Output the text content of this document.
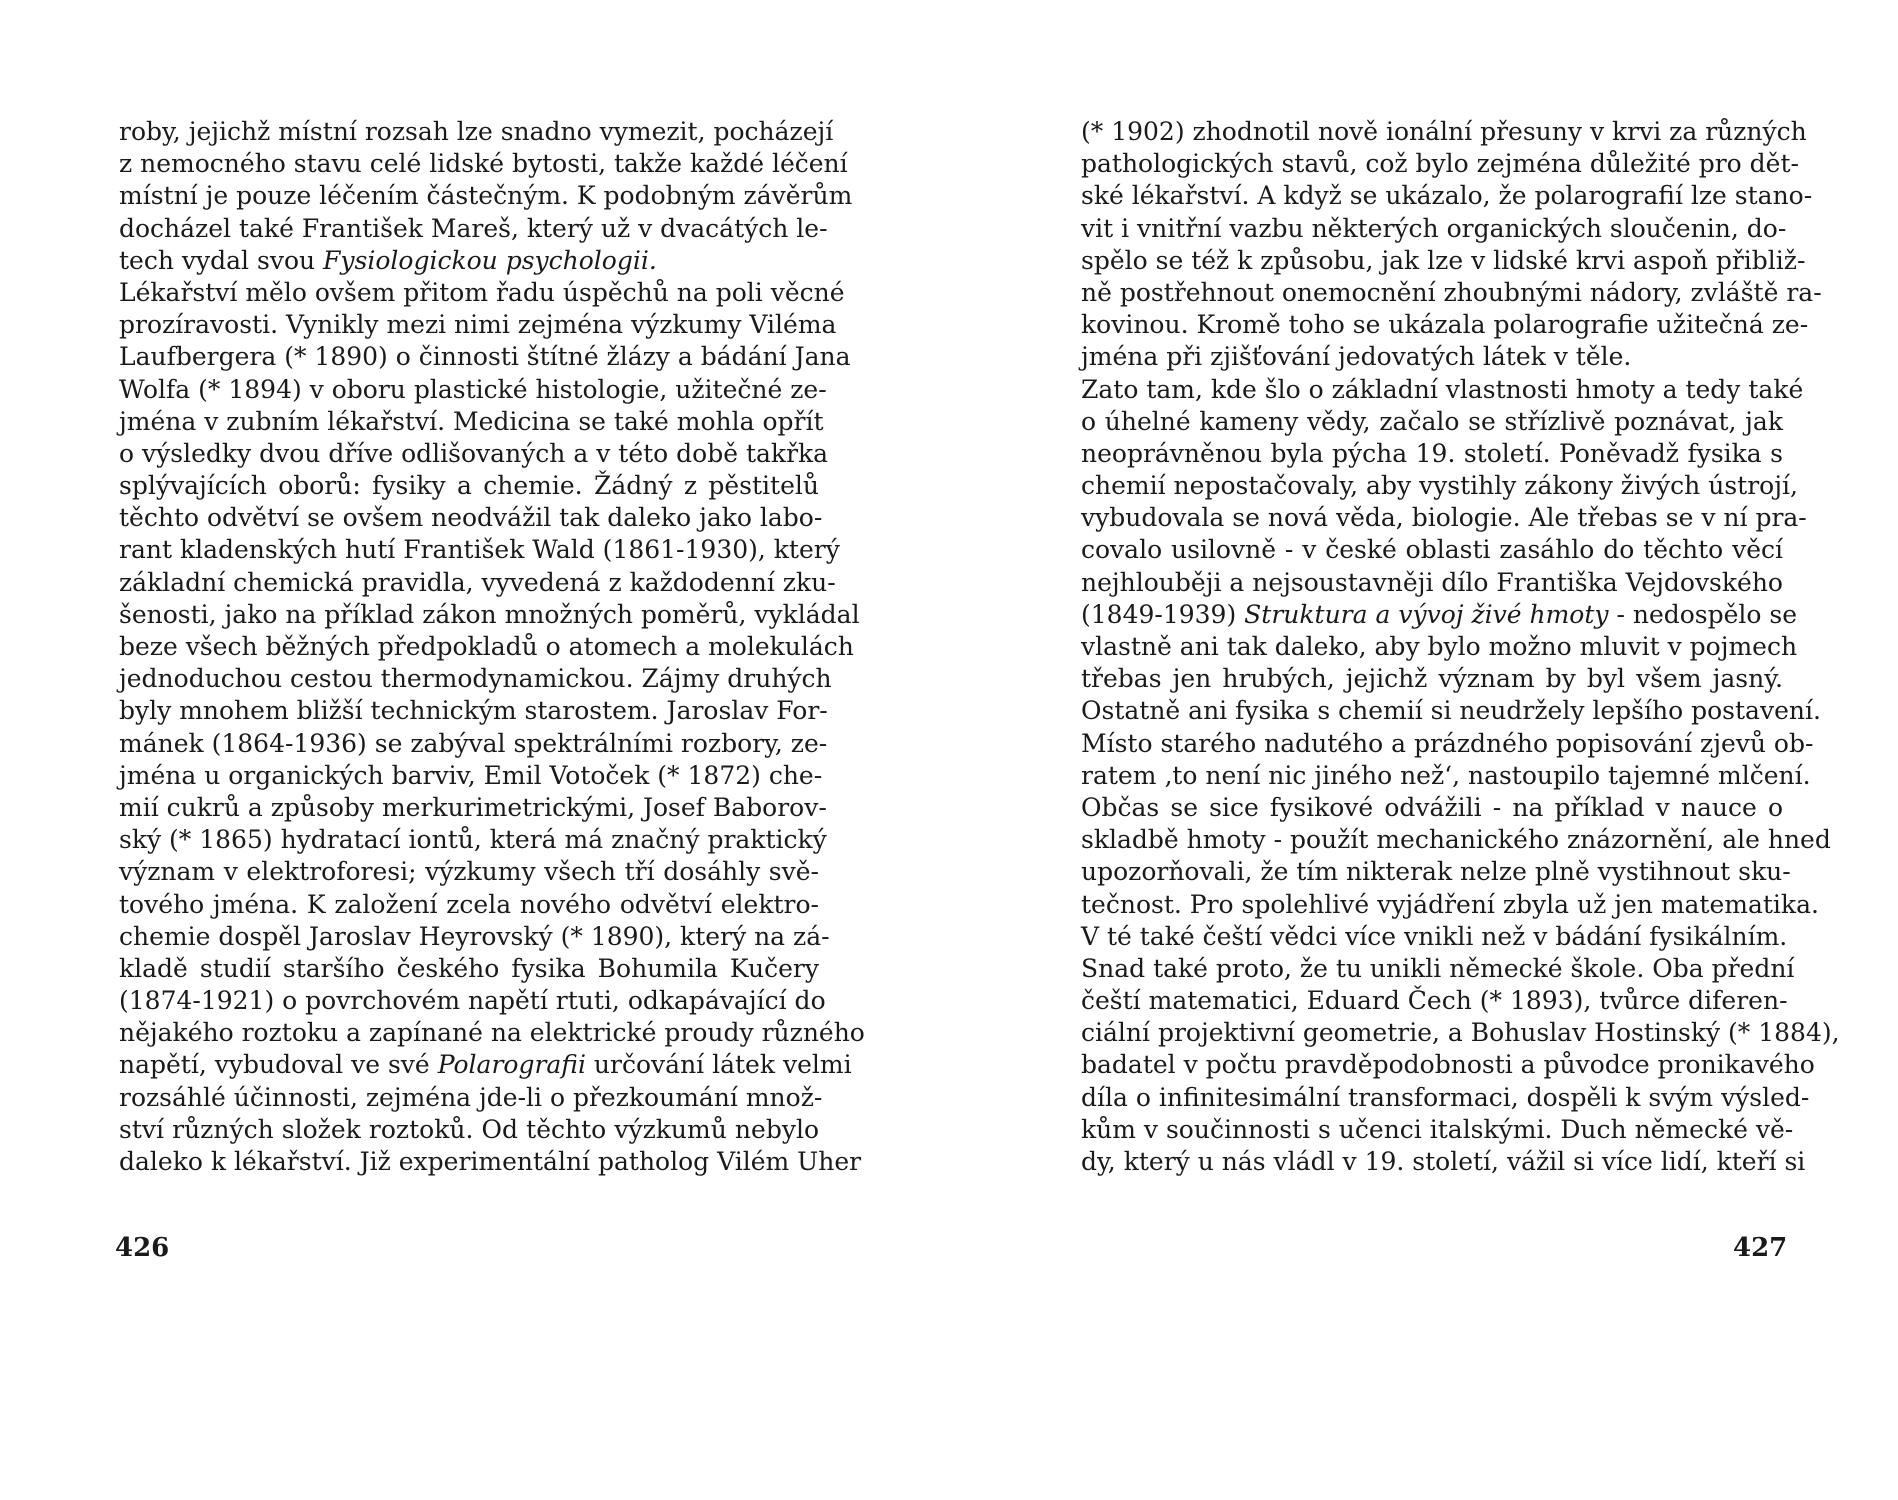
roby, jejichž místní rozsah lze snadno vymezit, pocházejí
z nemocného stavu celé lidské bytosti, takže každé léčení
místní je pouze léčením částečným. K podobným závěrům
docházel také František Mareš, který už v dvacátých le-
tech vydal svou Fysiologickou psychologii.
Lékařství mělo ovšem přitom řadu úspěchů na poli věcné
prozíravosti. Vynikly mezi nimi zejména výzkumy Viléma
Laufbergera (* 1890) o činnosti štítné žlázy a bádání Jana
Wolfa (* 1894) v oboru plastické histologie, užitečné ze-
jména v zubním lékařství. Medicina se také mohla opřít
o výsledky dvou dříve odlišovaných a v této době takřka
splývajících oborů: fysiky a chemie. Žádný z pěstitelů
těchto odvětví se ovšem neodvážil tak daleko jako labo-
rant kladenských hutí František Wald (1861-1930), který
základní chemická pravidla, vyvedená z každodenní zku-
šenosti, jako na příklad zákon množných poměrů, vykládal
beze všech běžných předpokladů o atomech a molekulách
jednoduchou cestou thermodynamickou. Zájmy druhých
byly mnohem bližší technickým starostem. Jaroslav For-
mánek (1864-1936) se zabýval spektrálními rozbory, ze-
jména u organických barviv, Emil Votoček (* 1872) che-
mií cukrů a způsoby merkurimetrickými, Josef Baborov-
ský (* 1865) hydratací iontů, která má značný praktický
význam v elektroforesi; výzkumy všech tří dosáhly svě-
tového jména. K založení zcela nového odvětví elektro-
chemie dospěl Jaroslav Heyrovský (* 1890), který na zá-
kladě studií staršího českého fysika Bohumila Kučery
(1874-1921) o povrchovém napětí rtuti, odkapávající do
nějakého roztoku a zapínané na elektrické proudy různého
napětí, vybudoval ve své Polarografii určování látek velmi
rozsáhlé účinnosti, zejména jde-li o přezkoumání množ-
ství různých složek roztoků. Od těchto výzkumů nebylo
daleko k lékařství. Již experimentální patholog Vilém Uher
426
(* 1902) zhodnotil nově ionální přesuny v krvi za různých
pathologických stavů, což bylo zejména důležité pro dět-
ské lékařství. A když se ukázalo, že polarografií lze stano-
vit i vnitřní vazbu některých organických sloučenin, do-
spělo se též k způsobu, jak lze v lidské krvi aspoň přibliž-
ně postřehnout onemocnění zhoubnými nádory, zvláště ra-
kovinou. Kromě toho se ukázala polarografie užitečná ze-
jména při zjišťování jedovatých látek v těle.
Zato tam, kde šlo o základní vlastnosti hmoty a tedy také
o úhelné kameny vědy, začalo se střízlivě poznávat, jak
neoprávněnou byla pýcha 19. století. Poněvadž fysika s
chemií nepostačovaly, aby vystihly zákony živých ústrojí,
vybudovala se nová věda, biologie. Ale třebas se v ní pra-
covalo usilovně - v české oblasti zasáhlo do těchto věcí
nejhlouběji a nejsoustavněji dílo Františka Vejdovského
(1849-1939) Struktura a vývoj živé hmoty - nedospělo se
vlastně ani tak daleko, aby bylo možno mluvit v pojmech
třebas jen hrubých, jejichž význam by byl všem jasný.
Ostatně ani fysika s chemií si neudržely lepšího postavení.
Místo starého nadutého a prázdného popisování zjevů ob-
ratem ‚to není nic jiného než‘, nastoupilo tajemné mlčení.
Občas se sice fysikové odvážili - na příklad v nauce o
skladbě hmoty - použít mechanického znázornění, ale hned
upozorňovali, že tím nikterak nelze plně vystihnout sku-
tečnost. Pro spolehlivé vyjádření zbyla už jen matematika.
V té také čeští vědci více vnikli než v bádání fysikálním.
Snad také proto, že tu unikli německé škole. Oba přední
čeští matematici, Eduard Čech (* 1893), tvůrce diferen-
ciální projektivní geometrie, a Bohuslav Hostinský (* 1884),
badatel v počtu pravděpodobnosti a původce pronikavého
díla o infinitesimální transformaci, dospěli k svým výsled-
kům v součinnosti s učenci italskými. Duch německé vě-
dy, který u nás vládl v 19. století, vážil si více lidí, kteří si
427
